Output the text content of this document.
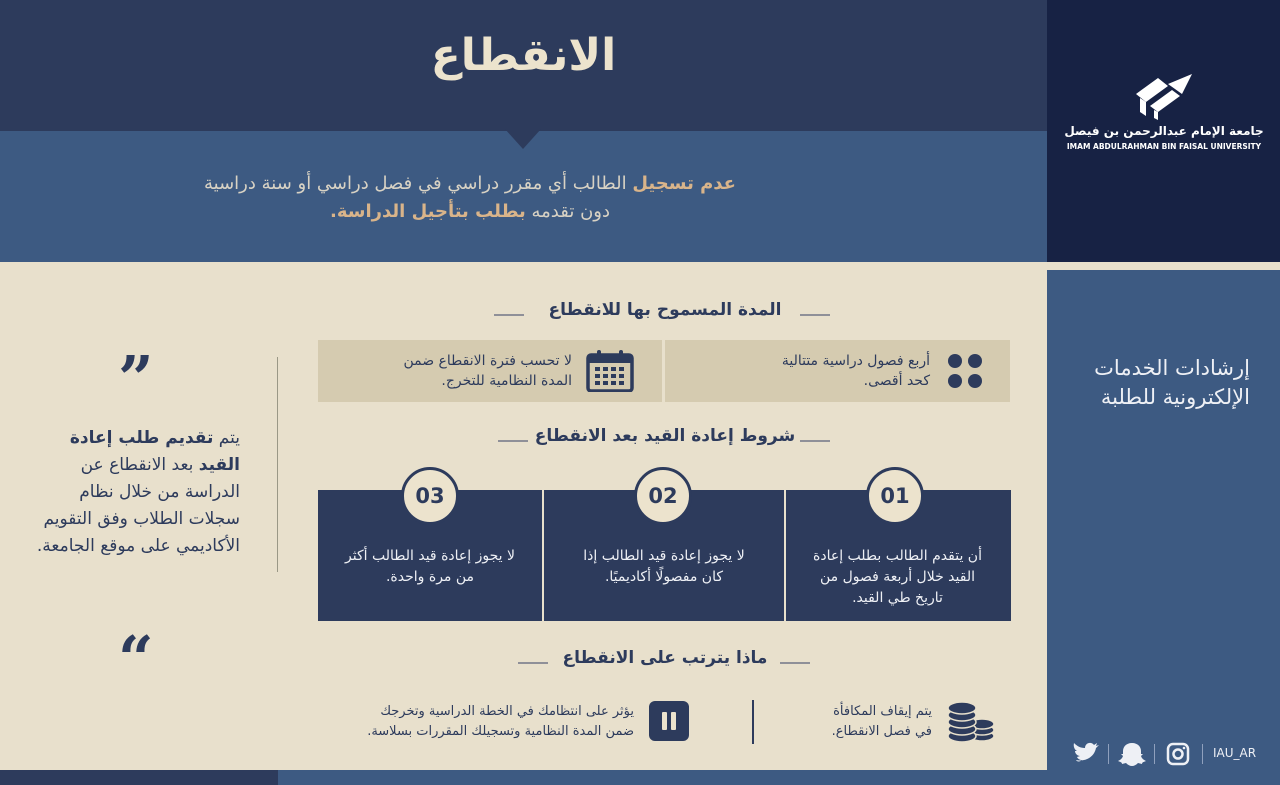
الانقطاع
عدم تسجيل الطالب أي مقرر دراسي في فصل دراسي أو سنة دراسية
دون تقدمه بطلب بتأجيل الدراسة.
جامعة الإمام عبدالرحمن بن فيصل
IMAM ABDULRAHMAN BIN FAISAL UNIVERSITY
إرشادات الخدمات
الإلكترونية للطلبة
IAU_AR
المدة المسموح بها للانقطاع
أربع فصول دراسية متتالية
كحد أقصى.
لا تحسب فترة الانقطاع ضمن
المدة النظامية للتخرج.
شروط إعادة القيد بعد الانقطاع
01
02
03
أن يتقدم الطالب بطلب إعادة
القيد خلال أربعة فصول من
تاريخ طي القيد.
لا يجوز إعادة قيد الطالب إذا
كان مفصولًا أكاديميًا.
لا يجوز إعادة قيد الطالب أكثر
من مرة واحدة.
”
يتم تقديم طلب إعادة القيد بعد الانقطاع عن الدراسة من خلال نظام سجلات الطلاب وفق التقويم الأكاديمي على موقع الجامعة.
“	ماذا يترتب على الانقطاع
يتم إيقاف المكافأة
في فصل الانقطاع.
يؤثر على انتظامك في الخطة الدراسية وتخرجك
ضمن المدة النظامية وتسجيلك المقررات بسلاسة.
